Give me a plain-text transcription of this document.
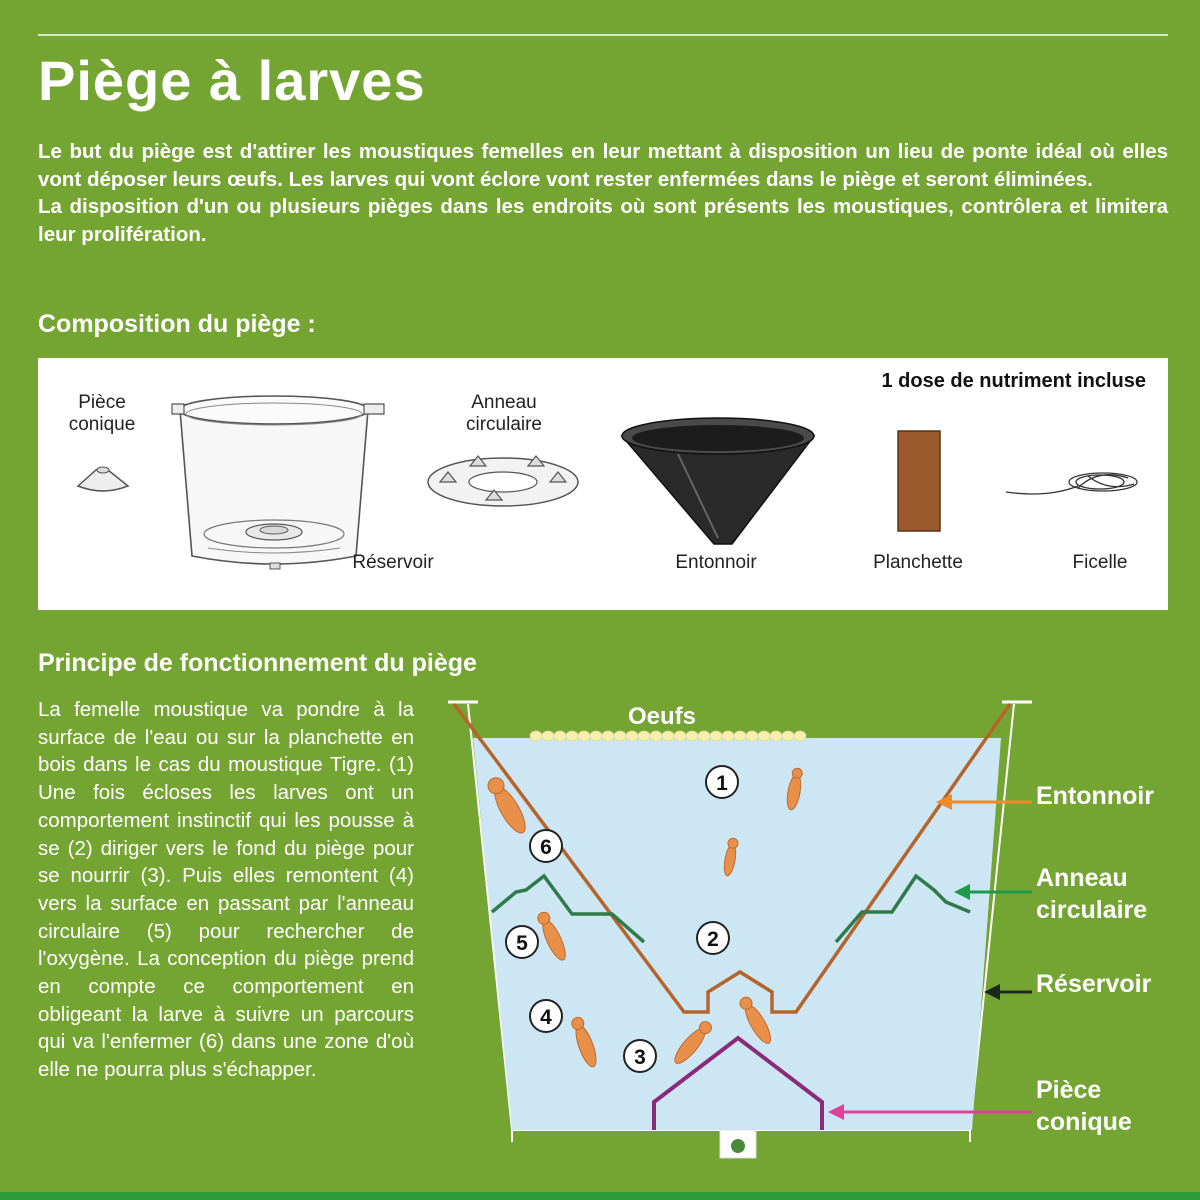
Piège à larves

Le but du piège est d'attirer les moustiques femelles en leur mettant à disposition un lieu de ponte idéal où elles vont déposer leurs œufs. Les larves qui vont éclore vont rester enfermées dans le piège et seront éliminées.

La disposition d'un ou plusieurs pièges dans les endroits où sont présents les moustiques, contrôlera et limitera leur prolifération.

Composition du piège :
1 dose de nutriment incluse
Pièce conique
Réservoir
Anneau circulaire
Entonnoir	Planchette	Ficelle
Principe de fonctionnement du piège

La femelle moustique va pondre à la surface de l'eau ou sur la planchette en bois dans le cas du moustique Tigre. (1) Une fois écloses les larves ont un comportement instinctif qui les pousse à se (2) diriger vers le fond du piège pour se nourrir (3). Puis elles remontent (4) vers la surface en passant par l'anneau circulaire (5) pour rechercher de l'oxygène. La conception du piège prend en compte ce comportement en obligeant la larve à suivre un parcours qui va l'enfermer (6) dans une zone d'où elle ne pourra plus s'échapper.

1
2
3
4
5
6
Oeufs
Entonnoir
Anneau
circulaire
Réservoir
Pièce
conique
